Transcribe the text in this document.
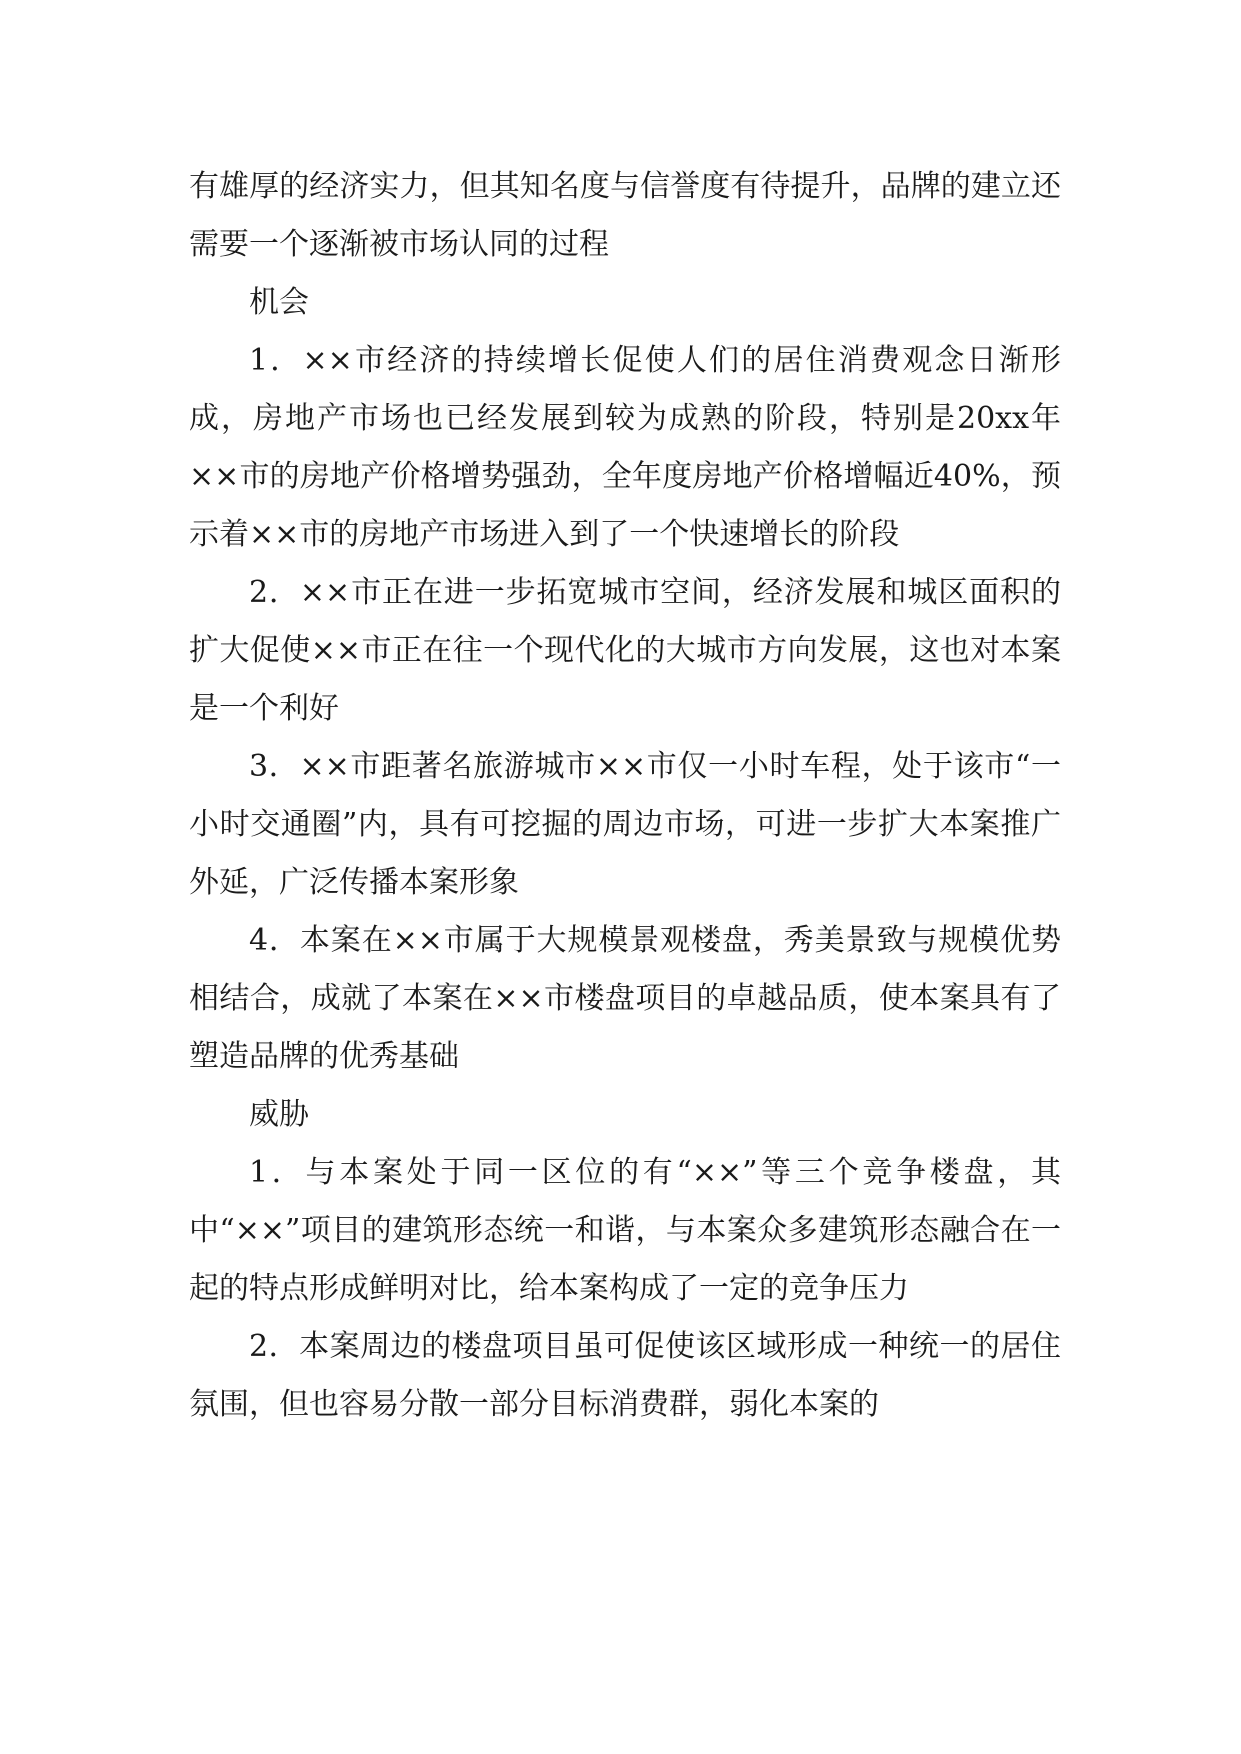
有雄厚的经济实力，但其知名度与信誉度有待提升，品牌的建立还需要一个逐渐被市场认同的过程

机会

1．××市经济的持续增长促使人们的居住消费观念日渐形成，房地产市场也已经发展到较为成熟的阶段，特别是20xx年××市的房地产价格增势强劲，全年度房地产价格增幅近40%，预示着××市的房地产市场进入到了一个快速增长的阶段

2．××市正在进一步拓宽城市空间，经济发展和城区面积的扩大促使××市正在往一个现代化的大城市方向发展，这也对本案是一个利好

3．××市距著名旅游城市××市仅一小时车程，处于该市“一小时交通圈”内，具有可挖掘的周边市场，可进一步扩大本案推广外延，广泛传播本案形象

4．本案在××市属于大规模景观楼盘，秀美景致与规模优势相结合，成就了本案在××市楼盘项目的卓越品质，使本案具有了塑造品牌的优秀基础

威胁

1．与本案处于同一区位的有“××”等三个竞争楼盘，其中“××”项目的建筑形态统一和谐，与本案众多建筑形态融合在一起的特点形成鲜明对比，给本案构成了一定的竞争压力

2．本案周边的楼盘项目虽可促使该区域形成一种统一的居住氛围，但也容易分散一部分目标消费群，弱化本案的
